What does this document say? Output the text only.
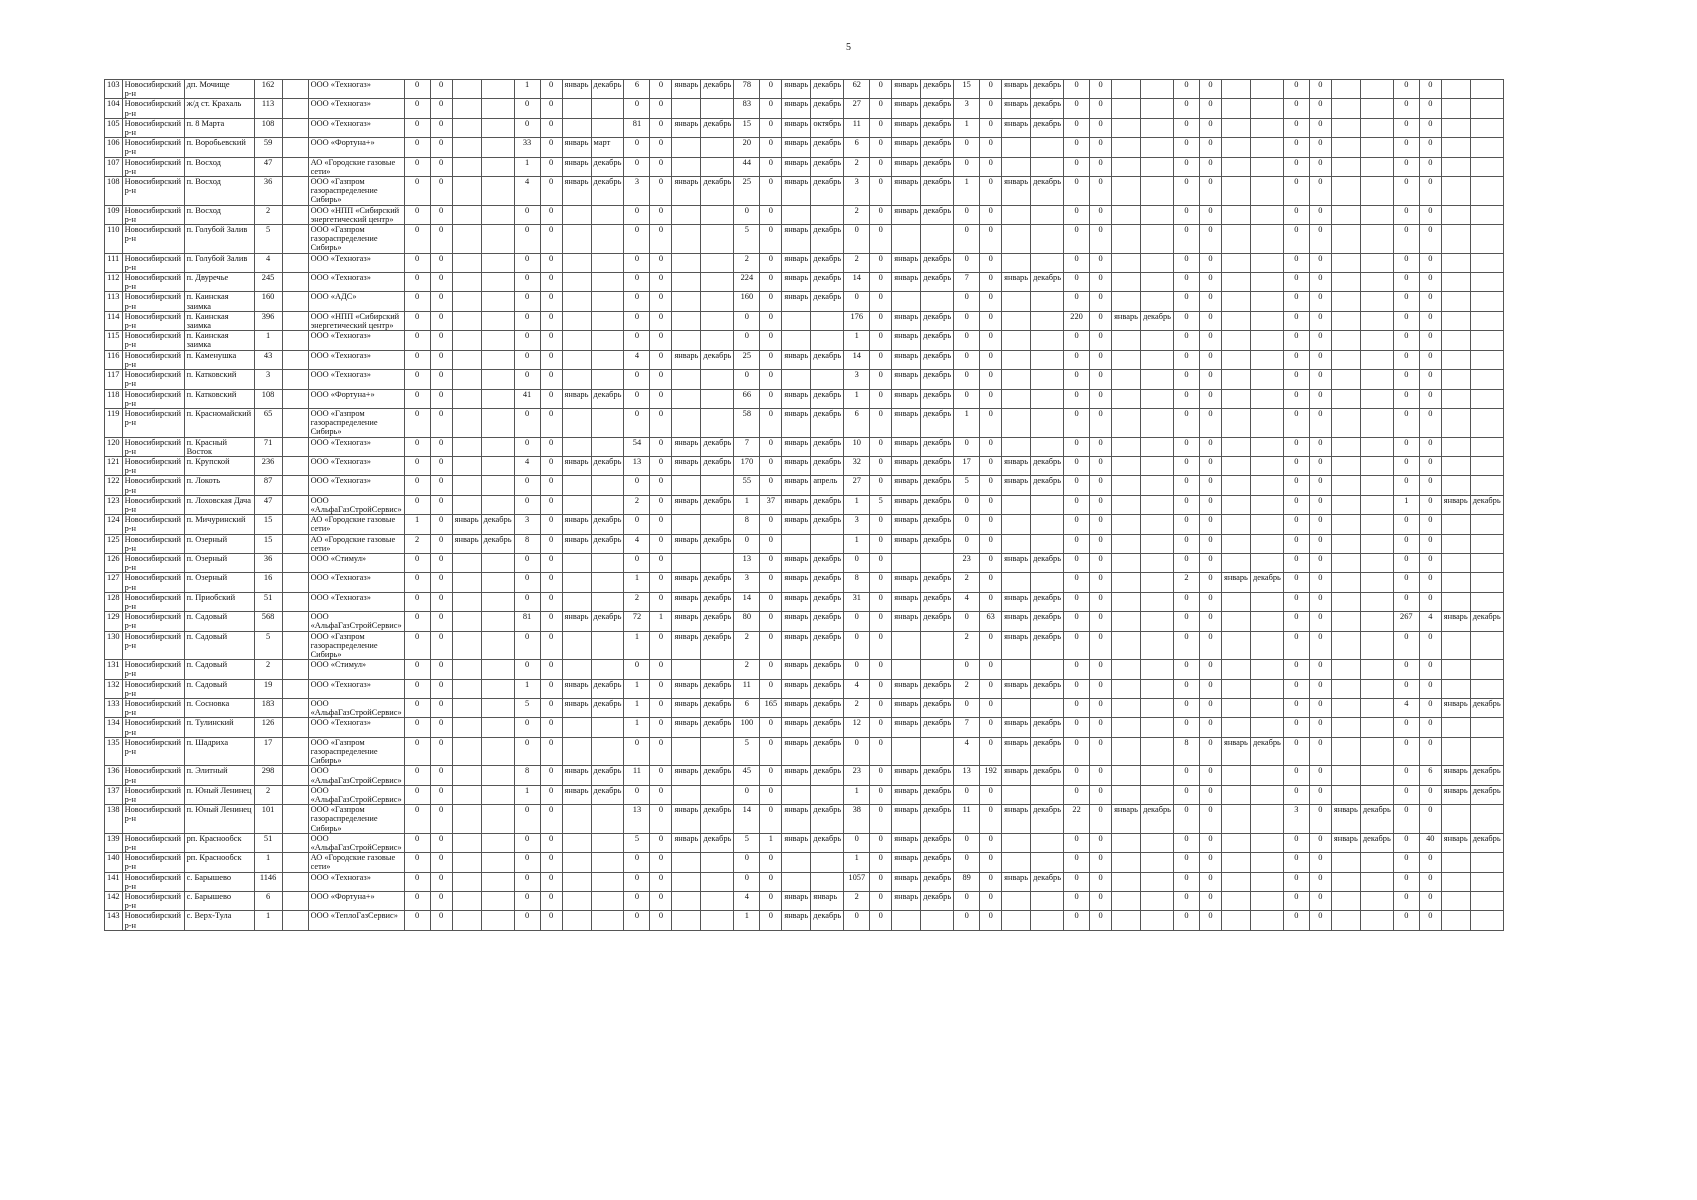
5
103	Новосибирский р-н	дп. Мочище	162		ООО «Техногаз»	0	0			1	0	январь	декабрь	6	0	январь	декабрь	78	0	январь	декабрь	62	0	январь	декабрь	15	0	январь	декабрь	0	0			0	0			0	0			0	0		
104	Новосибирский р-н	ж/д ст. Крахаль	113		ООО «Техногаз»	0	0			0	0			0	0			83	0	январь	декабрь	27	0	январь	декабрь	3	0	январь	декабрь	0	0			0	0			0	0			0	0		
105	Новосибирский р-н	п. 8 Марта	108		ООО «Техногаз»	0	0			0	0			81	0	январь	декабрь	15	0	январь	октябрь	11	0	январь	декабрь	1	0	январь	декабрь	0	0			0	0			0	0			0	0		
106	Новосибирский р-н	п. Воробьевский	59		ООО «Фортуна+»	0	0			33	0	январь	март	0	0			20	0	январь	декабрь	6	0	январь	декабрь	0	0			0	0			0	0			0	0			0	0		
107	Новосибирский р-н	п. Восход	47		АО «Городские газовые сети»	0	0			1	0	январь	декабрь	0	0			44	0	январь	декабрь	2	0	январь	декабрь	0	0			0	0			0	0			0	0			0	0		
108	Новосибирский р-н	п. Восход	36		ООО «Газпром газораспределение Сибирь»	0	0			4	0	январь	декабрь	3	0	январь	декабрь	25	0	январь	декабрь	3	0	январь	декабрь	1	0	январь	декабрь	0	0			0	0			0	0			0	0		
109	Новосибирский р-н	п. Восход	2		ООО «НПП «Сибирский энергетический центр»	0	0			0	0			0	0			0	0			2	0	январь	декабрь	0	0			0	0			0	0			0	0			0	0		
110	Новосибирский р-н	п. Голубой Залив	5		ООО «Газпром газораспределение Сибирь»	0	0			0	0			0	0			5	0	январь	декабрь	0	0			0	0			0	0			0	0			0	0			0	0		
111	Новосибирский р-н	п. Голубой Залив	4		ООО «Техногаз»	0	0			0	0			0	0			2	0	январь	декабрь	2	0	январь	декабрь	0	0			0	0			0	0			0	0			0	0		
112	Новосибирский р-н	п. Двуречье	245		ООО «Техногаз»	0	0			0	0			0	0			224	0	январь	декабрь	14	0	январь	декабрь	7	0	январь	декабрь	0	0			0	0			0	0			0	0		
113	Новосибирский р-н	п. Каинская заимка	160		ООО «АДС»	0	0			0	0			0	0			160	0	январь	декабрь	0	0			0	0			0	0			0	0			0	0			0	0		
114	Новосибирский р-н	п. Каинская заимка	396		ООО «НПП «Сибирский энергетический центр»	0	0			0	0			0	0			0	0			176	0	январь	декабрь	0	0			220	0	январь	декабрь	0	0			0	0			0	0		
115	Новосибирский р-н	п. Каинская заимка	1		ООО «Техногаз»	0	0			0	0			0	0			0	0			1	0	январь	декабрь	0	0			0	0			0	0			0	0			0	0		
116	Новосибирский р-н	п. Каменушка	43		ООО «Техногаз»	0	0			0	0			4	0	январь	декабрь	25	0	январь	декабрь	14	0	январь	декабрь	0	0			0	0			0	0			0	0			0	0		
117	Новосибирский р-н	п. Катковский	3		ООО «Техногаз»	0	0			0	0			0	0			0	0			3	0	январь	декабрь	0	0			0	0			0	0			0	0			0	0		
118	Новосибирский р-н	п. Катковский	108		ООО «Фортуна+»	0	0			41	0	январь	декабрь	0	0			66	0	январь	декабрь	1	0	январь	декабрь	0	0			0	0			0	0			0	0			0	0		
119	Новосибирский р-н	п. Красномайский	65		ООО «Газпром газораспределение Сибирь»	0	0			0	0			0	0			58	0	январь	декабрь	6	0	январь	декабрь	1	0			0	0			0	0			0	0			0	0		
120	Новосибирский р-н	п. Красный Восток	71		ООО «Техногаз»	0	0			0	0			54	0	январь	декабрь	7	0	январь	декабрь	10	0	январь	декабрь	0	0			0	0			0	0			0	0			0	0		
121	Новосибирский р-н	п. Крупской	236		ООО «Техногаз»	0	0			4	0	январь	декабрь	13	0	январь	декабрь	170	0	январь	декабрь	32	0	январь	декабрь	17	0	январь	декабрь	0	0			0	0			0	0			0	0		
122	Новосибирский р-н	п. Локоть	87		ООО «Техногаз»	0	0			0	0			0	0			55	0	январь	апрель	27	0	январь	декабрь	5	0	январь	декабрь	0	0			0	0			0	0			0	0		
123	Новосибирский р-н	п. Лоховская Дача	47		ООО «АльфаГазСтройСервис»	0	0			0	0			2	0	январь	декабрь	1	37	январь	декабрь	1	5	январь	декабрь	0	0			0	0			0	0			0	0			1	0	январь	декабрь
124	Новосибирский р-н	п. Мичуринский	15		АО «Городские газовые сети»	1	0	январь	декабрь	3	0	январь	декабрь	0	0			8	0	январь	декабрь	3	0	январь	декабрь	0	0			0	0			0	0			0	0			0	0		
125	Новосибирский р-н	п. Озерный	15		АО «Городские газовые сети»	2	0	январь	декабрь	8	0	январь	декабрь	4	0	январь	декабрь	0	0			1	0	январь	декабрь	0	0			0	0			0	0			0	0			0	0		
126	Новосибирский р-н	п. Озерный	36		ООО «Стимул»	0	0			0	0			0	0			13	0	январь	декабрь	0	0			23	0	январь	декабрь	0	0			0	0			0	0			0	0		
127	Новосибирский р-н	п. Озерный	16		ООО «Техногаз»	0	0			0	0			1	0	январь	декабрь	3	0	январь	декабрь	8	0	январь	декабрь	2	0			0	0			2	0	январь	декабрь	0	0			0	0		
128	Новосибирский р-н	п. Приобский	51		ООО «Техногаз»	0	0			0	0			2	0	январь	декабрь	14	0	январь	декабрь	31	0	январь	декабрь	4	0	январь	декабрь	0	0			0	0			0	0			0	0		
129	Новосибирский р-н	п. Садовый	568		ООО «АльфаГазСтройСервис»	0	0			81	0	январь	декабрь	72	1	январь	декабрь	80	0	январь	декабрь	0	0	январь	декабрь	0	63	январь	декабрь	0	0			0	0			0	0			267	4	январь	декабрь
130	Новосибирский р-н	п. Садовый	5		ООО «Газпром газораспределение Сибирь»	0	0			0	0			1	0	январь	декабрь	2	0	январь	декабрь	0	0			2	0	январь	декабрь	0	0			0	0			0	0			0	0		
131	Новосибирский р-н	п. Садовый	2		ООО «Стимул»	0	0			0	0			0	0			2	0	январь	декабрь	0	0			0	0			0	0			0	0			0	0			0	0		
132	Новосибирский р-н	п. Садовый	19		ООО «Техногаз»	0	0			1	0	январь	декабрь	1	0	январь	декабрь	11	0	январь	декабрь	4	0	январь	декабрь	2	0	январь	декабрь	0	0			0	0			0	0			0	0		
133	Новосибирский р-н	п. Сосновка	183		ООО «АльфаГазСтройСервис»	0	0			5	0	январь	декабрь	1	0	январь	декабрь	6	165	январь	декабрь	2	0	январь	декабрь	0	0			0	0			0	0			0	0			4	0	январь	декабрь
134	Новосибирский р-н	п. Тулинский	126		ООО «Техногаз»	0	0			0	0			1	0	январь	декабрь	100	0	январь	декабрь	12	0	январь	декабрь	7	0	январь	декабрь	0	0			0	0			0	0			0	0		
135	Новосибирский р-н	п. Шадриха	17		ООО «Газпром газораспределение Сибирь»	0	0			0	0			0	0			5	0	январь	декабрь	0	0			4	0	январь	декабрь	0	0			8	0	январь	декабрь	0	0			0	0		
136	Новосибирский р-н	п. Элитный	298		ООО «АльфаГазСтройСервис»	0	0			8	0	январь	декабрь	11	0	январь	декабрь	45	0	январь	декабрь	23	0	январь	декабрь	13	192	январь	декабрь	0	0			0	0			0	0			0	6	январь	декабрь
137	Новосибирский р-н	п. Юный Ленинец	2		ООО «АльфаГазСтройСервис»	0	0			1	0	январь	декабрь	0	0			0	0			1	0	январь	декабрь	0	0			0	0			0	0			0	0			0	0	январь	декабрь
138	Новосибирский р-н	п. Юный Ленинец	101		ООО «Газпром газораспределение Сибирь»	0	0			0	0			13	0	январь	декабрь	14	0	январь	декабрь	38	0	январь	декабрь	11	0	январь	декабрь	22	0	январь	декабрь	0	0			3	0	январь	декабрь	0	0		
139	Новосибирский р-н	рп. Краснообск	51		ООО «АльфаГазСтройСервис»	0	0			0	0			5	0	январь	декабрь	5	1	январь	декабрь	0	0	январь	декабрь	0	0			0	0			0	0			0	0	январь	декабрь	0	40	январь	декабрь
140	Новосибирский р-н	рп. Краснообск	1		АО «Городские газовые сети»	0	0			0	0			0	0			0	0			1	0	январь	декабрь	0	0			0	0			0	0			0	0			0	0		
141	Новосибирский р-н	с. Барышево	1146		ООО «Техногаз»	0	0			0	0			0	0			0	0			1057	0	январь	декабрь	89	0	январь	декабрь	0	0			0	0			0	0			0	0		
142	Новосибирский р-н	с. Барышево	6		ООО «Фортуна+»	0	0			0	0			0	0			4	0	январь	январь	2	0	январь	декабрь	0	0			0	0			0	0			0	0			0	0		
143	Новосибирский р-н	с. Верх-Тула	1		ООО «ТеплоГазСервис»	0	0			0	0			0	0			1	0	январь	декабрь	0	0			0	0			0	0			0	0			0	0			0	0		
